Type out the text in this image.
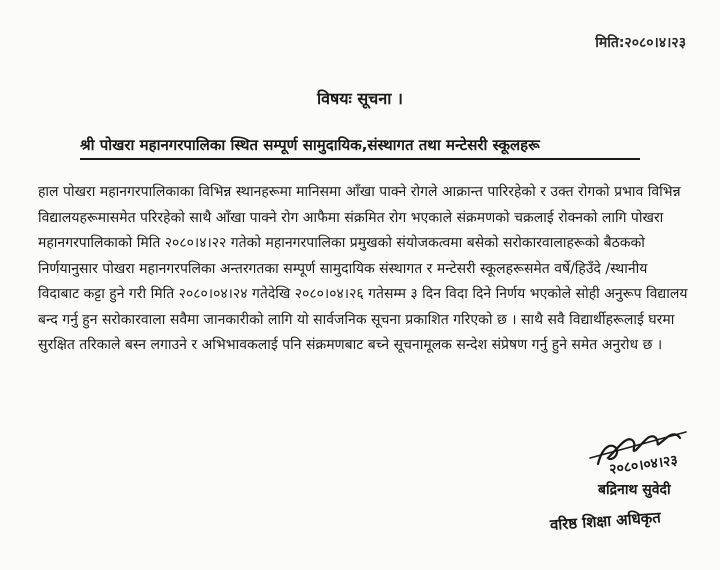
मिति:२०८०।४।२३
विषयः सूचना ।
श्री पोखरा महानगरपालिका स्थित सम्पूर्ण सामुदायिक,संस्थागत तथा मन्टेसरी स्कूलहरू

हाल पोखरा महानगरपालिकाका विभिन्न स्थानहरूमा मानिसमा आँखा पाक्ने रोगले आक्रान्त पारिरहेको र उक्त रोगको प्रभाव विभिन्न विद्यालयहरूमासमेत परिरहेको साथै आँखा पाक्ने रोग आफैमा संक्रमित रोग भएकाले संक्रमणको चक्रलाई रोक्नको लागि पोखरा महानगरपालिकाको मिति २०८०।४।२२ गतेको महानगरपालिका प्रमुखको संयोजकत्वमा बसेको सरोकारवालाहरूको बैठकको निर्णयानुसार पोखरा महानगरपलिका अन्तरगतका सम्पूर्ण सामुदायिक संस्थागत र मन्टेसरी स्कूलहरूसमेत वर्षे/हिउँदे /स्थानीय विदाबाट कट्टा हुने गरी मिति २०८०।०४।२४ गतेदेखि २०८०।०४।२६ गतेसम्म ३ दिन विदा दिने निर्णय भएकोले सोही अनुरूप विद्यालय बन्द गर्नु हुन सरोकारवाला सवैमा जानकारीको लागि यो सार्वजनिक सूचना प्रकाशित गरिएको छ । साथै सवै विद्यार्थीहरूलाई घरमा सुरक्षित तरिकाले बस्न लगाउने र अभिभावकलाई पनि संक्रमणबाट बच्ने सूचनामूलक सन्देश संप्रेषण गर्नु हुने समेत अनुरोध छ ।

२०८०।०४।२३
बद्रिनाथ सुवेदी
वरिष्ठ शिक्षा अधिकृत
